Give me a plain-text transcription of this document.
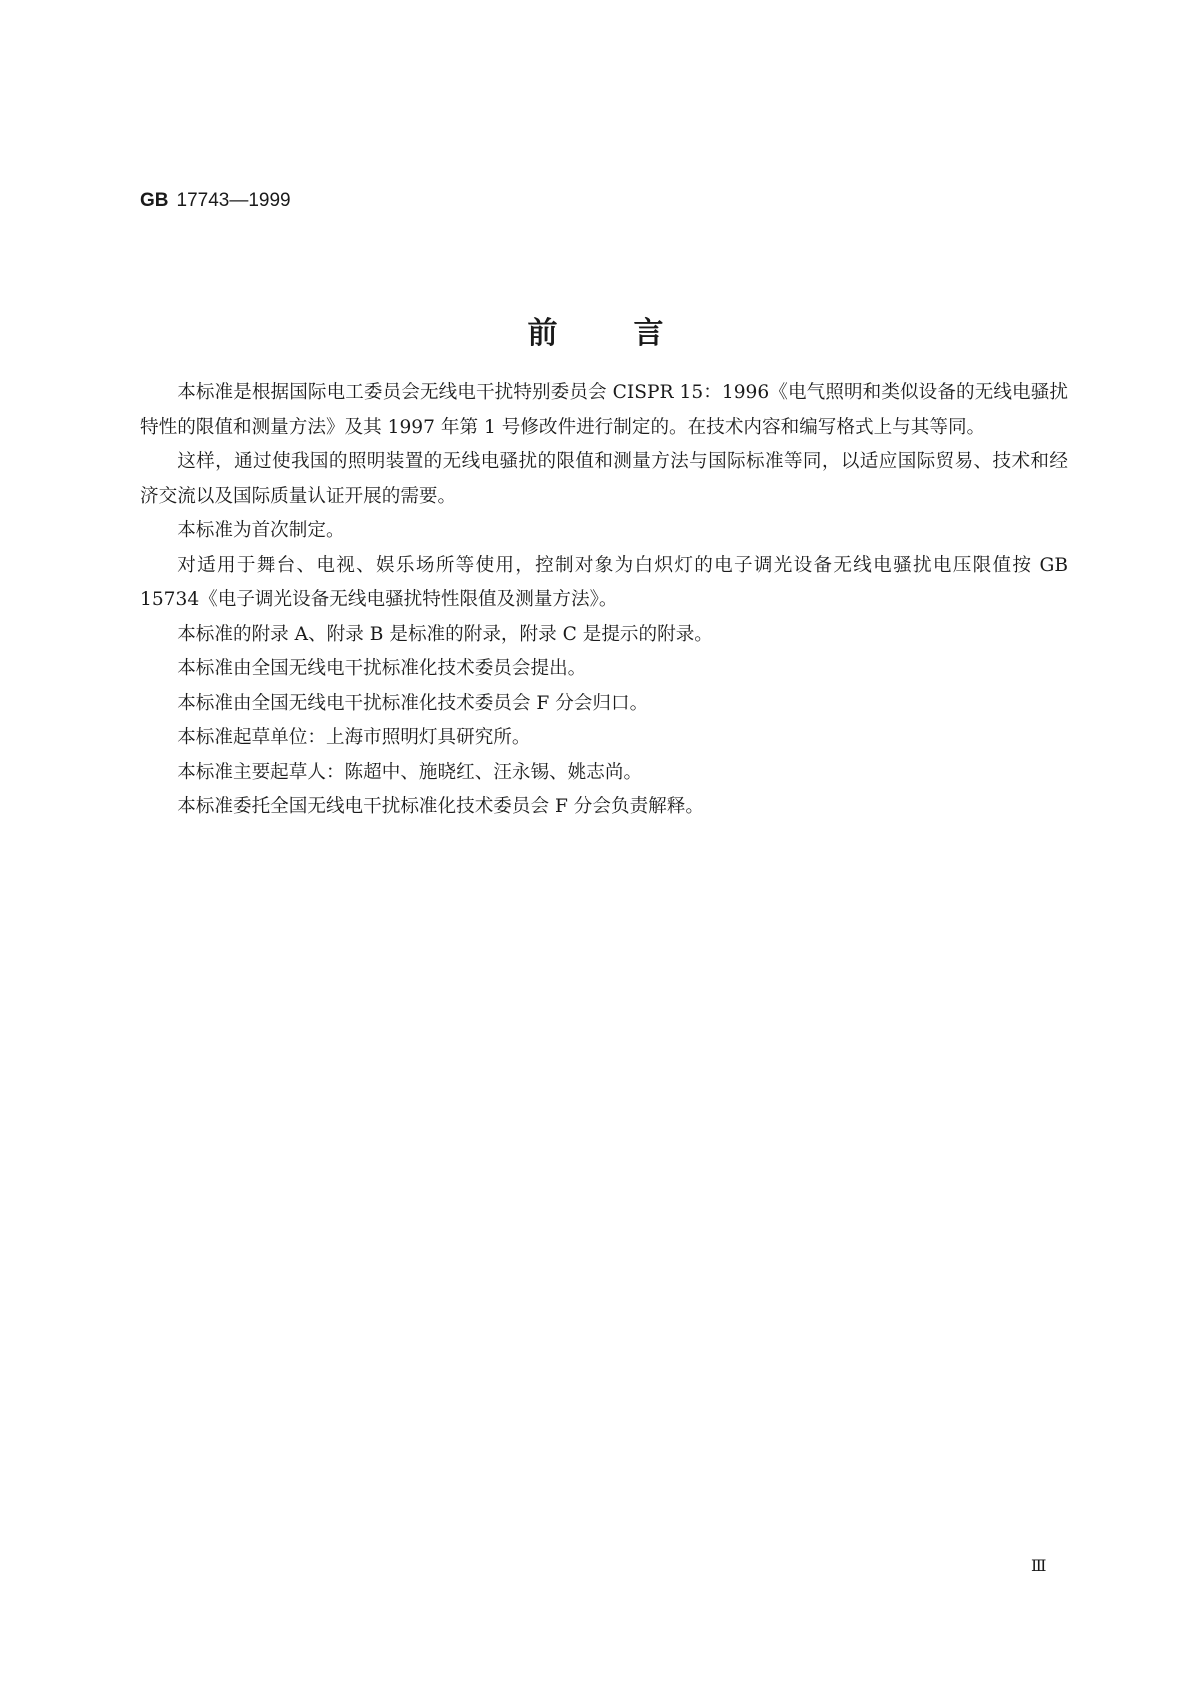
GB 17743—1999
前言

本标准是根据国际电工委员会无线电干扰特别委员会 CISPR 15：1996《电气照明和类似设备的无线电骚扰特性的限值和测量方法》及其 1997 年第 1 号修改件进行制定的。在技术内容和编写格式上与其等同。

这样，通过使我国的照明装置的无线电骚扰的限值和测量方法与国际标准等同，以适应国际贸易、技术和经济交流以及国际质量认证开展的需要。

本标准为首次制定。

对适用于舞台、电视、娱乐场所等使用，控制对象为白炽灯的电子调光设备无线电骚扰电压限值按 GB 15734《电子调光设备无线电骚扰特性限值及测量方法》。

本标准的附录 A、附录 B 是标准的附录，附录 C 是提示的附录。

本标准由全国无线电干扰标准化技术委员会提出。

本标准由全国无线电干扰标准化技术委员会 F 分会归口。

本标准起草单位：上海市照明灯具研究所。

本标准主要起草人：陈超中、施晓红、汪永锡、姚志尚。

本标准委托全国无线电干扰标准化技术委员会 F 分会负责解释。

Ⅲ
